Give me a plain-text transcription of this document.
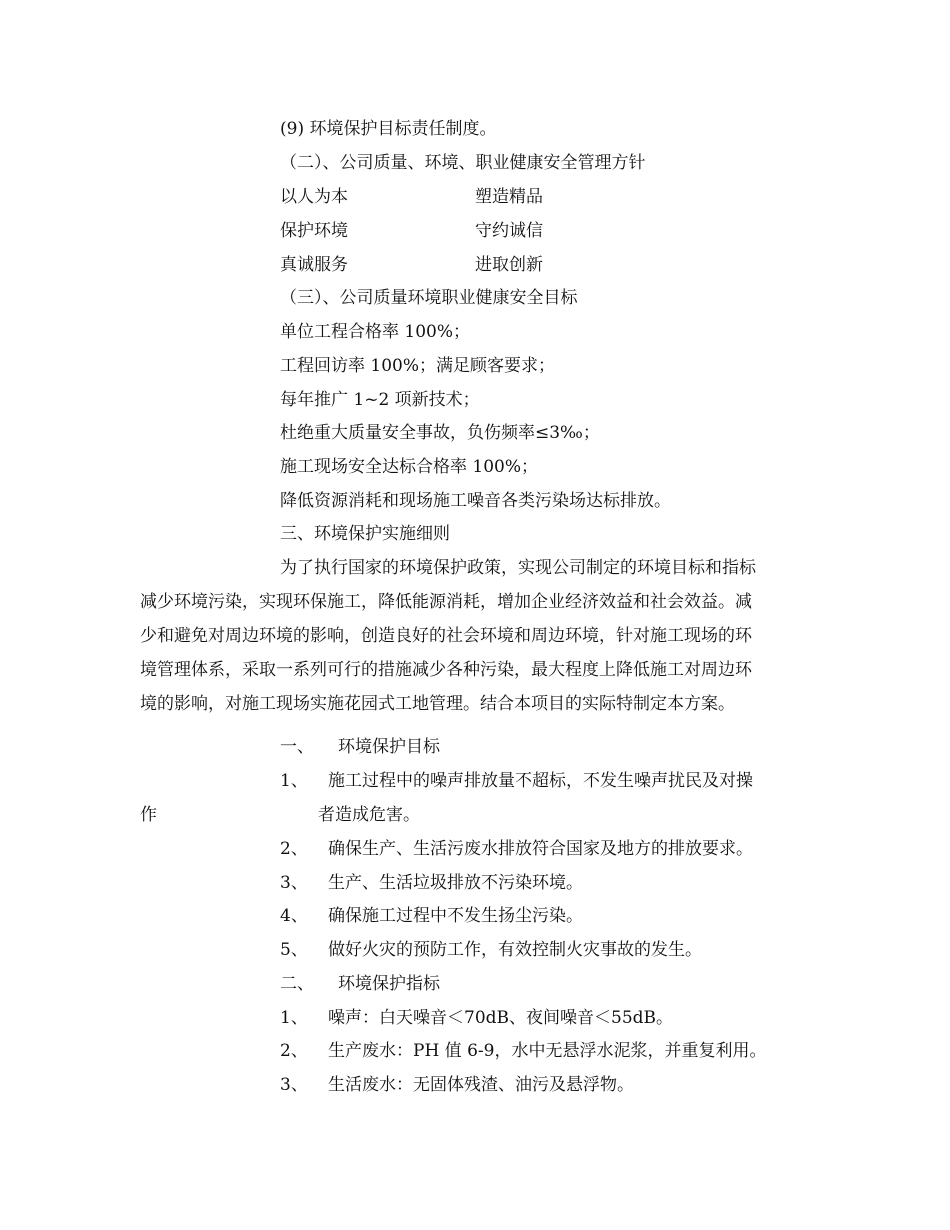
(9) 环境保护目标责任制度。

（二）、公司质量、环境、职业健康安全管理方针

以人为本	塑造精品

保护环境	守约诚信

真诚服务	进取创新

（三）、公司质量环境职业健康安全目标

单位工程合格率 100%；

工程回访率 100%；满足顾客要求；

每年推广 1~2 项新技术；

杜绝重大质量安全事故，负伤频率≤3‰；

施工现场安全达标合格率 100%；

降低资源消耗和现场施工噪音各类污染场达标排放。

三、环境保护实施细则

为了执行国家的环境保护政策，实现公司制定的环境目标和指标

减少环境污染，实现环保施工，降低能源消耗，增加企业经济效益和社会效益。减

少和避免对周边环境的影响，创造良好的社会环境和周边环境，针对施工现场的环

境管理体系，采取一系列可行的措施减少各种污染，最大程度上降低施工对周边环

境的影响，对施工现场实施花园式工地管理。结合本项目的实际特制定本方案。

一、 环境保护目标
1、 施工过程中的噪声排放量不超标，不发生噪声扰民及对操
作	者造成危害。
2、 确保生产、生活污废水排放符合国家及地方的排放要求。
3、 生产、生活垃圾排放不污染环境。
4、 确保施工过程中不发生扬尘污染。
5、 做好火灾的预防工作，有效控制火灾事故的发生。
二、 环境保护指标
1、 噪声：白天噪音＜70dB、夜间噪音＜55dB。
2、 生产废水：PH 值 6-9，水中无悬浮水泥浆，并重复利用。
3、 生活废水：无固体残渣、油污及悬浮物。
